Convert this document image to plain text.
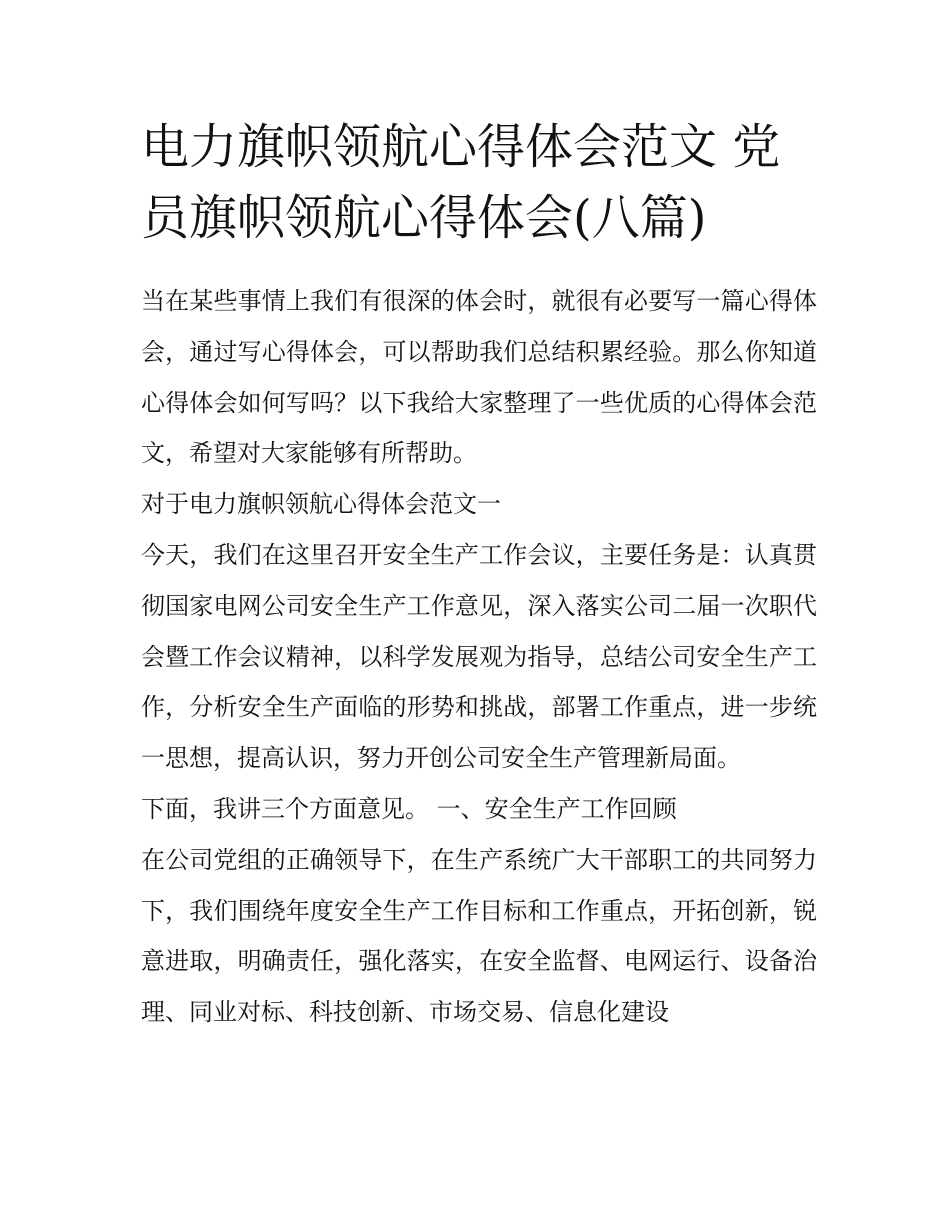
电力旗帜领航心得体会范文 党员旗帜领航心得体会(八篇)

当在某些事情上我们有很深的体会时，就很有必要写一篇心得体会，通过写心得体会，可以帮助我们总结积累经验。那么你知道心得体会如何写吗？以下我给大家整理了一些优质的心得体会范文，希望对大家能够有所帮助。

对于电力旗帜领航心得体会范文一

今天，我们在这里召开安全生产工作会议，主要任务是：认真贯彻国家电网公司安全生产工作意见，深入落实公司二届一次职代会暨工作会议精神，以科学发展观为指导，总结公司安全生产工作，分析安全生产面临的形势和挑战，部署工作重点，进一步统一思想，提高认识，努力开创公司安全生产管理新局面。

下面，我讲三个方面意见。 一、安全生产工作回顾

在公司党组的正确领导下，在生产系统广大干部职工的共同努力下，我们围绕年度安全生产工作目标和工作重点，开拓创新，锐意进取，明确责任，强化落实，在安全监督、电网运行、设备治理、同业对标、科技创新、市场交易、信息化建设
